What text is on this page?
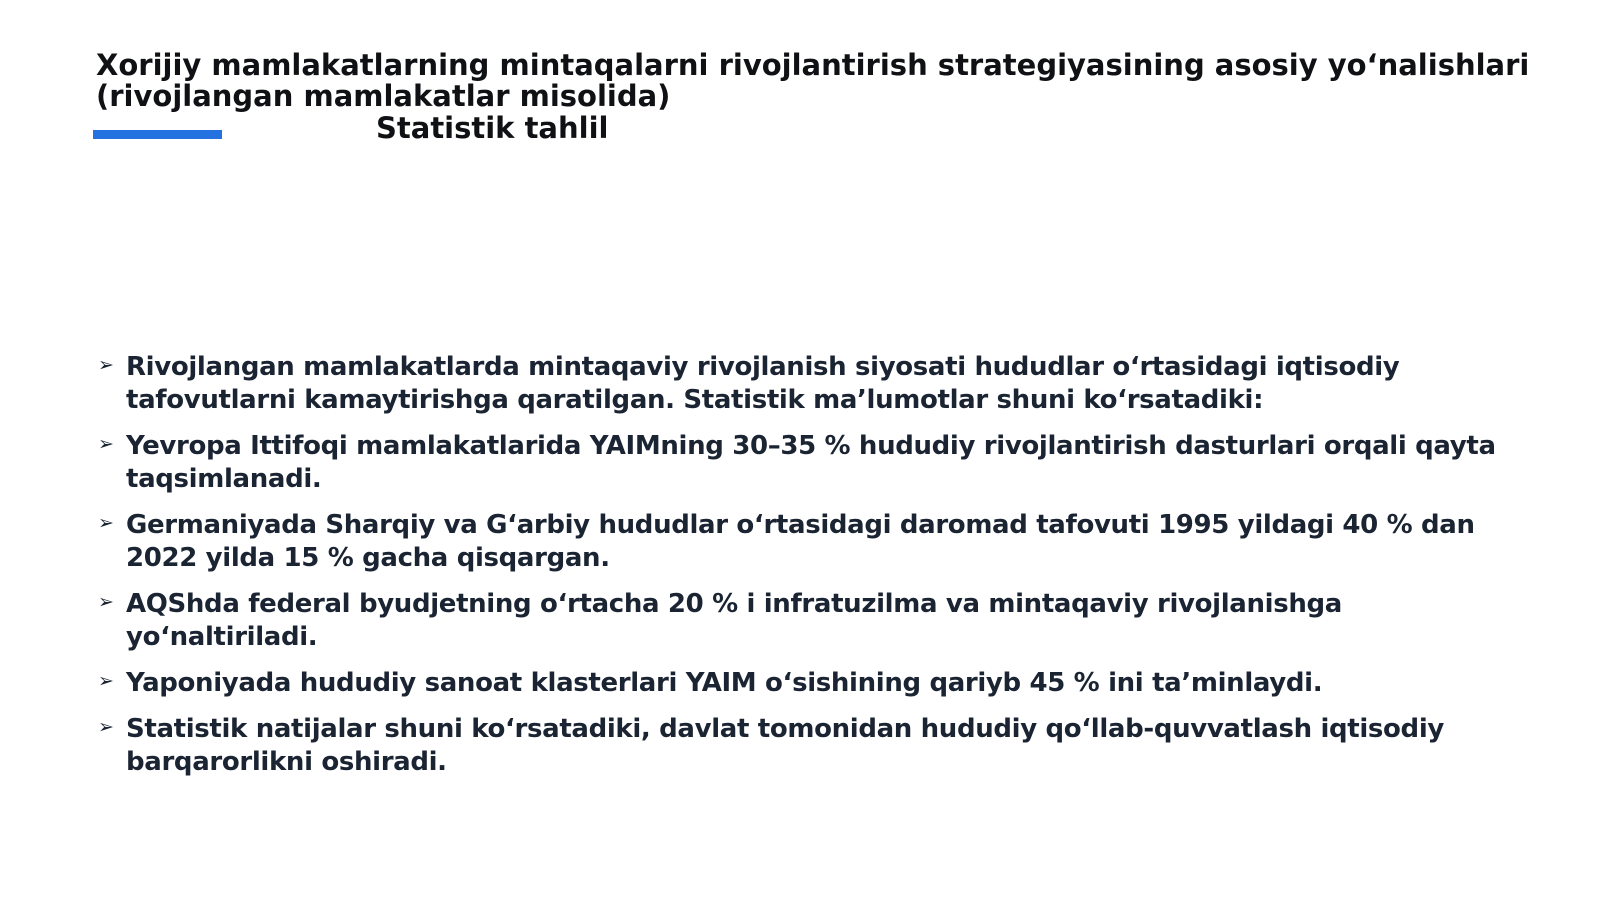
Xorijiy mamlakatlarning mintaqalarni rivojlantirish strategiyasining asosiy yo‘nalishlari
(rivojlangan mamlakatlar misolida)
Statistik tahlil
➢ Rivojlangan mamlakatlarda mintaqaviy rivojlanish siyosati hududlar o‘rtasidagi iqtisodiy tafovutlarni kamaytirishga qaratilgan. Statistik ma’lumotlar shuni ko‘rsatadiki:
➢ Yevropa Ittifoqi mamlakatlarida YAIMning 30–35 % hududiy rivojlantirish dasturlari orqali qayta taqsimlanadi.
➢ Germaniyada Sharqiy va G‘arbiy hududlar o‘rtasidagi daromad tafovuti 1995 yildagi 40 % dan 2022 yilda 15 % gacha qisqargan.
➢ AQShda federal byudjetning o‘rtacha 20 % i infratuzilma va mintaqaviy rivojlanishga yo‘naltiriladi.
➢ Yaponiyada hududiy sanoat klasterlari YAIM o‘sishining qariyb 45 % ini ta’minlaydi.
➢ Statistik natijalar shuni ko‘rsatadiki, davlat tomonidan hududiy qo‘llab-quvvatlash iqtisodiy barqarorlikni oshiradi.
